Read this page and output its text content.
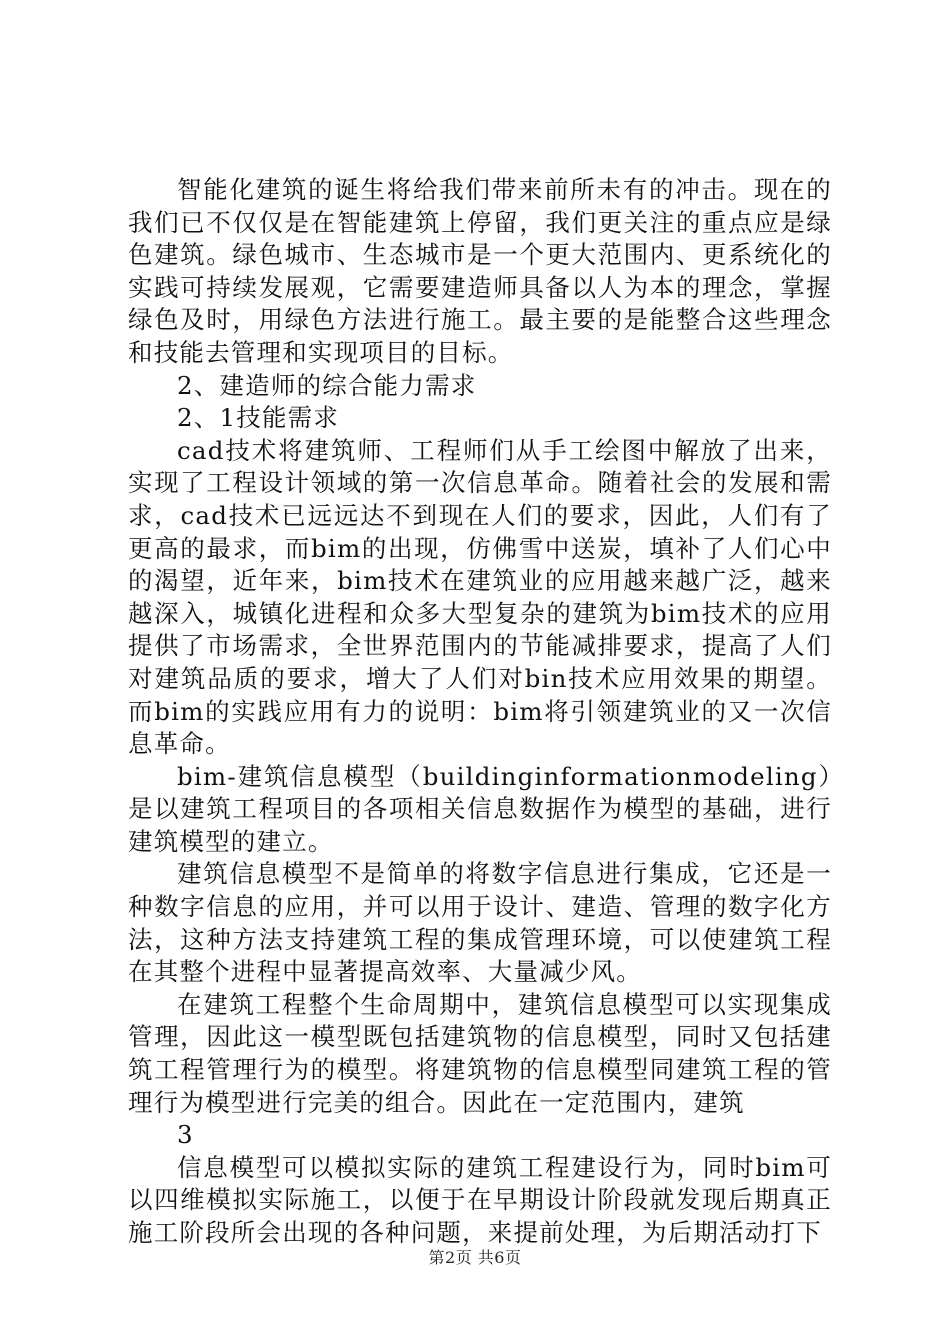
智能化建筑的诞生将给我们带来前所未有的冲击。现在的我们已不仅仅是在智能建筑上停留，我们更关注的重点应是绿色建筑。绿色城市、生态城市是一个更大范围内、更系统化的实践可持续发展观，它需要建造师具备以人为本的理念，掌握绿色及时，用绿色方法进行施工。最主要的是能整合这些理念和技能去管理和实现项目的目标。

2、建造师的综合能力需求

2、1技能需求

cad技术将建筑师、工程师们从手工绘图中解放了出来，实现了工程设计领域的第一次信息革命。随着社会的发展和需求，cad技术已远远达不到现在人们的要求，因此，人们有了更高的最求，而bim的出现，仿佛雪中送炭，填补了人们心中的渴望，近年来，bim技术在建筑业的应用越来越广泛，越来越深入，城镇化进程和众多大型复杂的建筑为bim技术的应用提供了市场需求，全世界范围内的节能减排要求，提高了人们对建筑品质的要求，增大了人们对bin技术应用效果的期望。而bim的实践应用有力的说明：bim将引领建筑业的又一次信息革命。

bim-建筑信息模型（buildinginformationmodeling）是以建筑工程项目的各项相关信息数据作为模型的基础，进行建筑模型的建立。

建筑信息模型不是简单的将数字信息进行集成，它还是一种数字信息的应用，并可以用于设计、建造、管理的数字化方法，这种方法支持建筑工程的集成管理环境，可以使建筑工程在其整个进程中显著提高效率、大量减少风。

在建筑工程整个生命周期中，建筑信息模型可以实现集成管理，因此这一模型既包括建筑物的信息模型，同时又包括建筑工程管理行为的模型。将建筑物的信息模型同建筑工程的管理行为模型进行完美的组合。因此在一定范围内，建筑

3

信息模型可以模拟实际的建筑工程建设行为，同时bim可以四维模拟实际施工，以便于在早期设计阶段就发现后期真正施工阶段所会出现的各种问题，来提前处理，为后期活动打下

第2页 共6页
